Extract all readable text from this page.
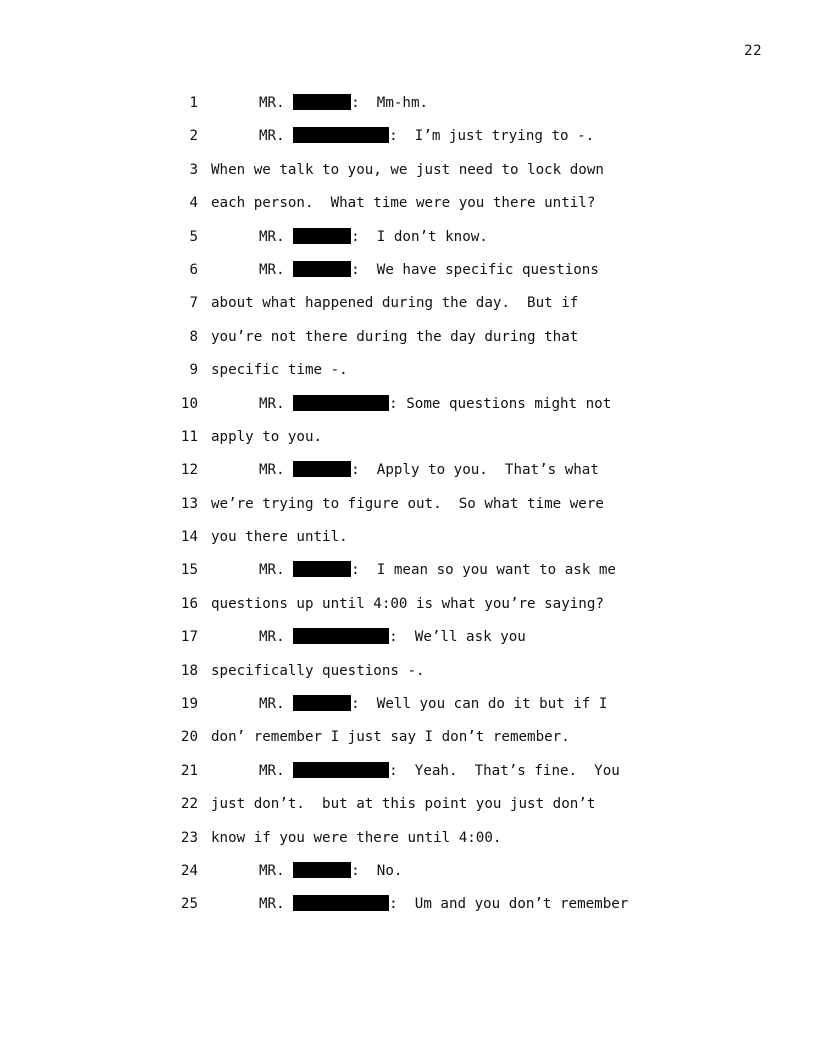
22
1	MR.	:  Mm-hm.
2	MR.	:  I’m just trying to -.
3 When we talk to you, we just need to lock down
4 each person.  What time were you there until?
5	MR.	:  I don’t know.
6	MR.	:  We have specific questions
7 about what happened during the day.  But if
8 you’re not there during the day during that
9 specific time -.
10	MR.	: Some questions might not
11 apply to you.
12	MR.	:  Apply to you.  That’s what
13 we’re trying to figure out.  So what time were
14 you there until.
15	MR.	:  I mean so you want to ask me
16 questions up until 4:00 is what you’re saying?
17	MR.	:  We’ll ask you
18 specifically questions -.
19	MR.	:  Well you can do it but if I
20 don’ remember I just say I don’t remember.
21	MR.	:  Yeah.  That’s fine.  You
22 just don’t.  but at this point you just don’t
23 know if you were there until 4:00.
24	MR.	:  No.
25	MR.	:  Um and you don’t remember
